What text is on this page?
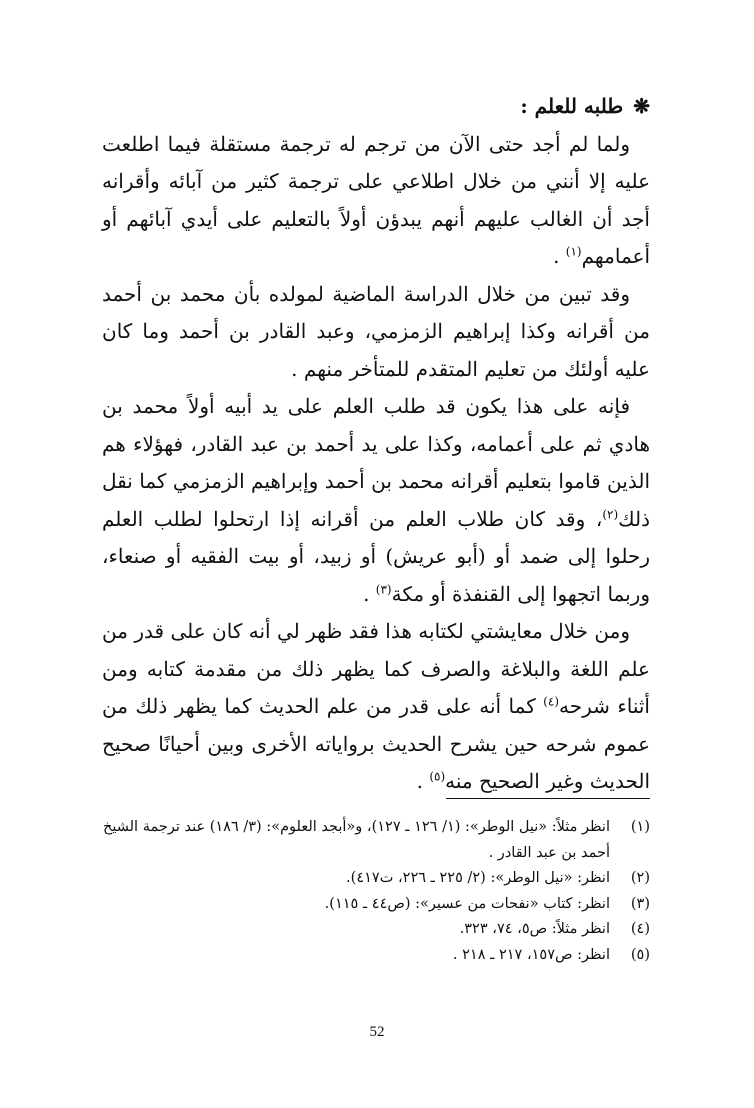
❋طلبه للعلم :

ولما لم أجد حتى الآن من ترجم له ترجمة مستقلة فيما اطلعت عليه إلا أنني من خلال اطلاعي على ترجمة كثير من آبائه وأقرانه أجد أن الغالب عليهم أنهم يبدؤن أولاً بالتعليم على أيدي آبائهم أو أعمامهم$^{(١)}$ .

وقد تبين من خلال الدراسة الماضية لمولده بأن محمد بن أحمد من أقرانه وكذا إبراهيم الزمزمي، وعبد القادر بن أحمد وما كان عليه أولئك من تعليم المتقدم للمتأخر منهم .

فإنه على هذا يكون قد طلب العلم على يد أبيه أولاً محمد بن هادي ثم على أعمامه، وكذا على يد أحمد بن عبد القادر، فهؤلاء هم الذين قاموا بتعليم أقرانه محمد بن أحمد وإبراهيم الزمزمي كما نقل ذلك$^{(٢)}$، وقد كان طلاب العلم من أقرانه إذا ارتحلوا لطلب العلم رحلوا إلى ضمد أو (أبو عريش) أو زبيد، أو بيت الفقيه أو صنعاء، وربما اتجهوا إلى القنفذة أو مكة$^{(٣)}$ .

ومن خلال معايشتي لكتابه هذا فقد ظهر لي أنه كان على قدر من علم اللغة والبلاغة والصرف كما يظهر ذلك من مقدمة كتابه ومن أثناء شرحه$^{(٤)}$ كما أنه على قدر من علم الحديث كما يظهر ذلك من عموم شرحه حين يشرح الحديث برواياته الأخرى وبين أحيانًا صحيح الحديث وغير الصحيح منه$^{(٥)}$ .

(١)
انظر مثلاً: «نيل الوطر»: (١/ ١٢٦ ـ ١٢٧)، و«أبجد العلوم»: (٣/ ١٨٦) عند ترجمة الشيخ أحمد بن عبد القادر .
(٢)
انظر: «نيل الوطر»: (٢/ ٢٢٥ ـ ٢٢٦، ت٤١٧).
(٣)
انظر: كتاب «نفحات من عسير»: (ص٤٤ ـ ١١٥).
(٤)
انظر مثلاً: ص٥، ٧٤، ٣٢٣.
(٥)
انظر: ص١٥٧، ٢١٧ ـ ٢١٨ .
52
